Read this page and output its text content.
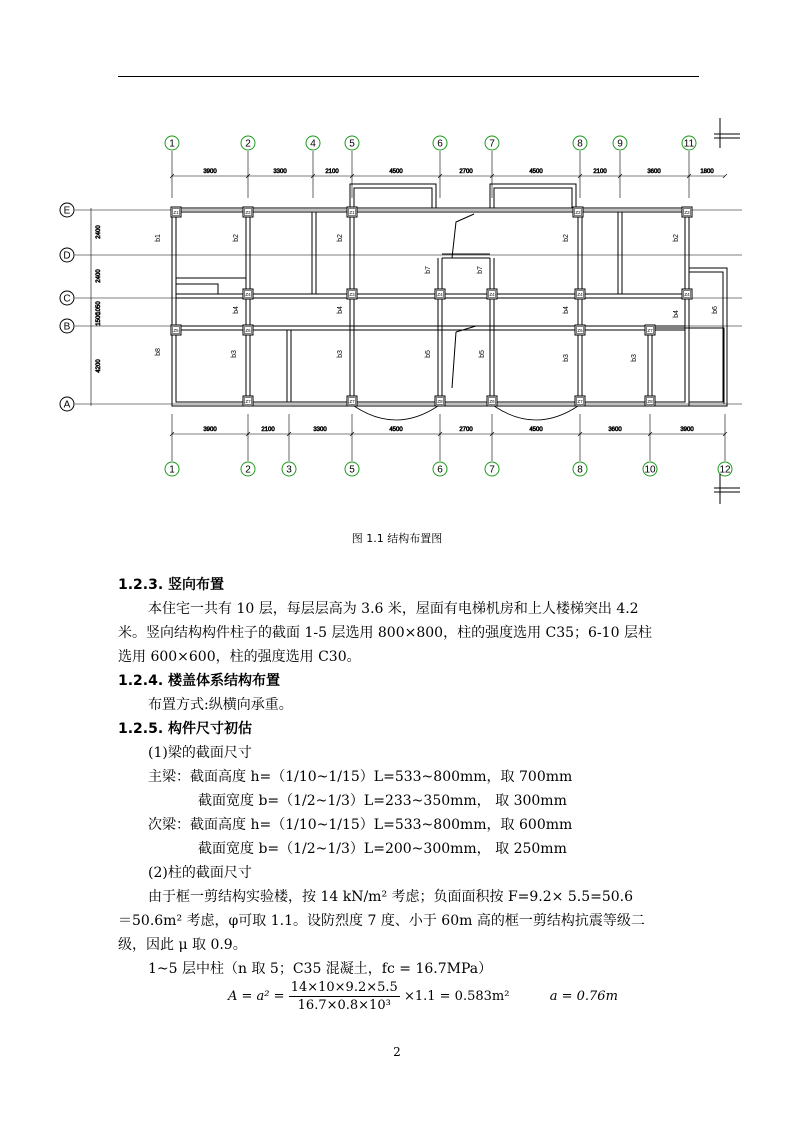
1	2	4	5	6	7	8	9	11
1	2	3	5	6	7	8	10	12
E
D
C
B
A
3900	3300	2100	4500	2700	4500	2100	3600	1800
3900	2100	3300	4500	2700	4500	3600	3900
2400
2400
1050
1500
4200
Z1	Z2	Z1	Z2	Z2
Z4	Z3	Z4	Z4	Z4	Z4
Z5	Z6	Z6	Z7
Z7	Z7	Z8	Z6	Z7	Z8
b1	b2	b2	b2	b2
b7	b7
b4	b4	b4
b4
b6
b8	b3	b3	b5	b5
b3	b3
图 1.1 结构布置图
1.2.3. 竖向布置
本住宅一共有 10 层，每层层高为 3.6 米，屋面有电梯机房和上人楼梯突出 4.2
米。竖向结构构件柱子的截面 1-5 层选用 800×800，柱的强度选用 C35；6-10 层柱
选用 600×600，柱的强度选用 C30。
1.2.4. 楼盖体系结构布置
布置方式:纵横向承重。
1.2.5. 构件尺寸初估
(1)梁的截面尺寸
主梁：截面高度 h=（1/10~1/15）L=533~800mm，取 700mm
截面宽度 b=（1/2~1/3）L=233~350mm， 取 300mm
次梁：截面高度 h=（1/10~1/15）L=533~800mm，取 600mm
截面宽度 b=（1/2~1/3）L=200~300mm， 取 250mm
(2)柱的截面尺寸
由于框一剪结构实验楼，按 14 kN/m² 考虑；负面面积按 F=9.2× 5.5=50.6
＝50.6m² 考虑，φ可取 1.1。设防烈度 7 度、小于 60m 高的框一剪结构抗震等级二
级，因此 μ 取 0.9。
1~5 层中柱（n 取 5；C35 混凝土，fc = 16.7MPa）
$A = a^2 = \frac{14\times 10\times 9.2\times 5.5}{\text{16.7×0.8×10³}} \times 1.1 = 0.583m^2$	a = 0.76m
2
